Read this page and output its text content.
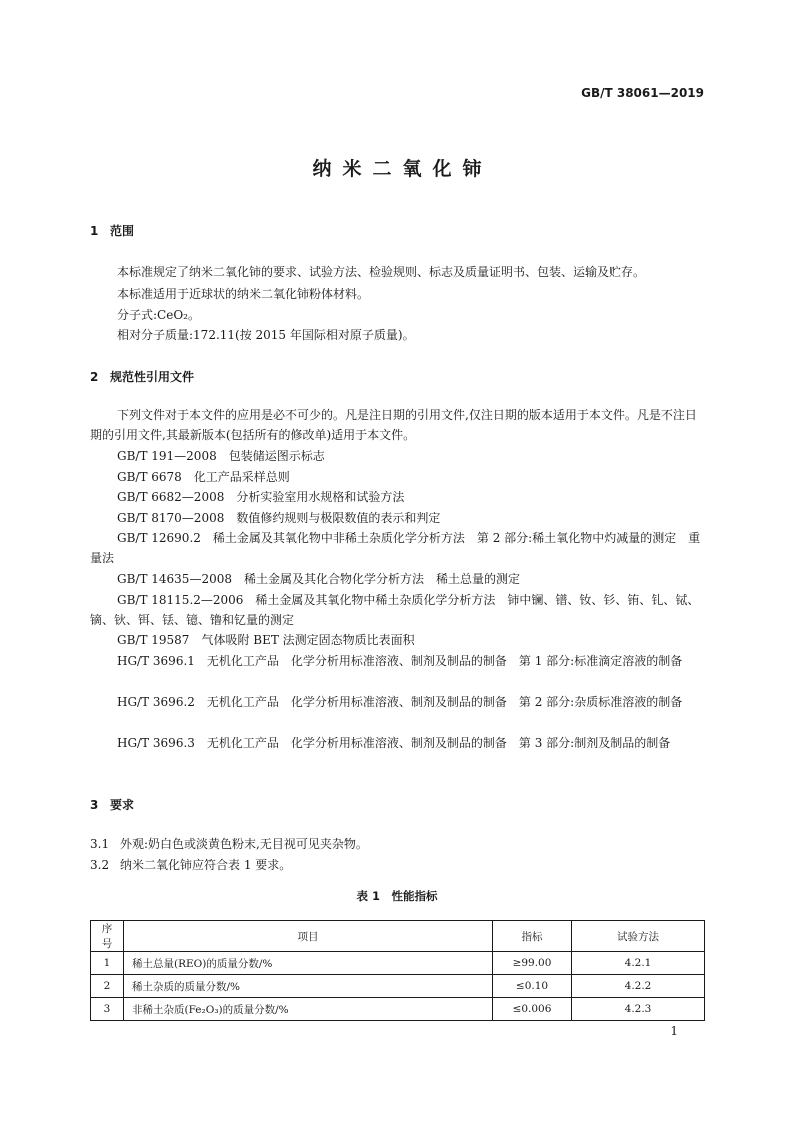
GB/T 38061—2019
纳米二氧化铈
1 范围
本标准规定了纳米二氧化铈的要求、试验方法、检验规则、标志及质量证明书、包装、运输及贮存。
本标准适用于近球状的纳米二氧化铈粉体材料。
分子式:CeO₂。
相对分子质量:172.11(按 2015 年国际相对原子质量)。
2 规范性引用文件
下列文件对于本文件的应用是必不可少的。凡是注日期的引用文件,仅注日期的版本适用于本文件。凡是不注日期的引用文件,其最新版本(包括所有的修改单)适用于本文件。
GB/T 191—2008　包装储运图示标志
GB/T 6678　化工产品采样总则
GB/T 6682—2008　分析实验室用水规格和试验方法
GB/T 8170—2008　数值修约规则与极限数值的表示和判定
GB/T 12690.2　稀土金属及其氧化物中非稀土杂质化学分析方法　第 2 部分:稀土氧化物中灼减量的测定　重量法
GB/T 14635—2008　稀土金属及其化合物化学分析方法　稀土总量的测定
GB/T 18115.2—2006　稀土金属及其氧化物中稀土杂质化学分析方法　铈中镧、镨、钕、钐、铕、钆、铽、镝、钬、铒、铥、镱、镥和钇量的测定
GB/T 19587　气体吸附 BET 法测定固态物质比表面积
HG/T 3696.1　无机化工产品　化学分析用标准溶液、制剂及制品的制备　第 1 部分:标准滴定溶液的制备
HG/T 3696.2　无机化工产品　化学分析用标准溶液、制剂及制品的制备　第 2 部分:杂质标准溶液的制备
HG/T 3696.3　无机化工产品　化学分析用标准溶液、制剂及制品的制备　第 3 部分:制剂及制品的制备
3 要求
3.1 外观:奶白色或淡黄色粉末,无目视可见夹杂物。
3.2 纳米二氧化铈应符合表 1 要求。
表 1　性能指标
序号	项目	指标	试验方法
1	稀土总量(REO)的质量分数/%	≥99.00	4.2.1
2	稀土杂质的质量分数/%	≤0.10	4.2.2
3	非稀土杂质(Fe₂O₃)的质量分数/%	≤0.006	4.2.3
1
